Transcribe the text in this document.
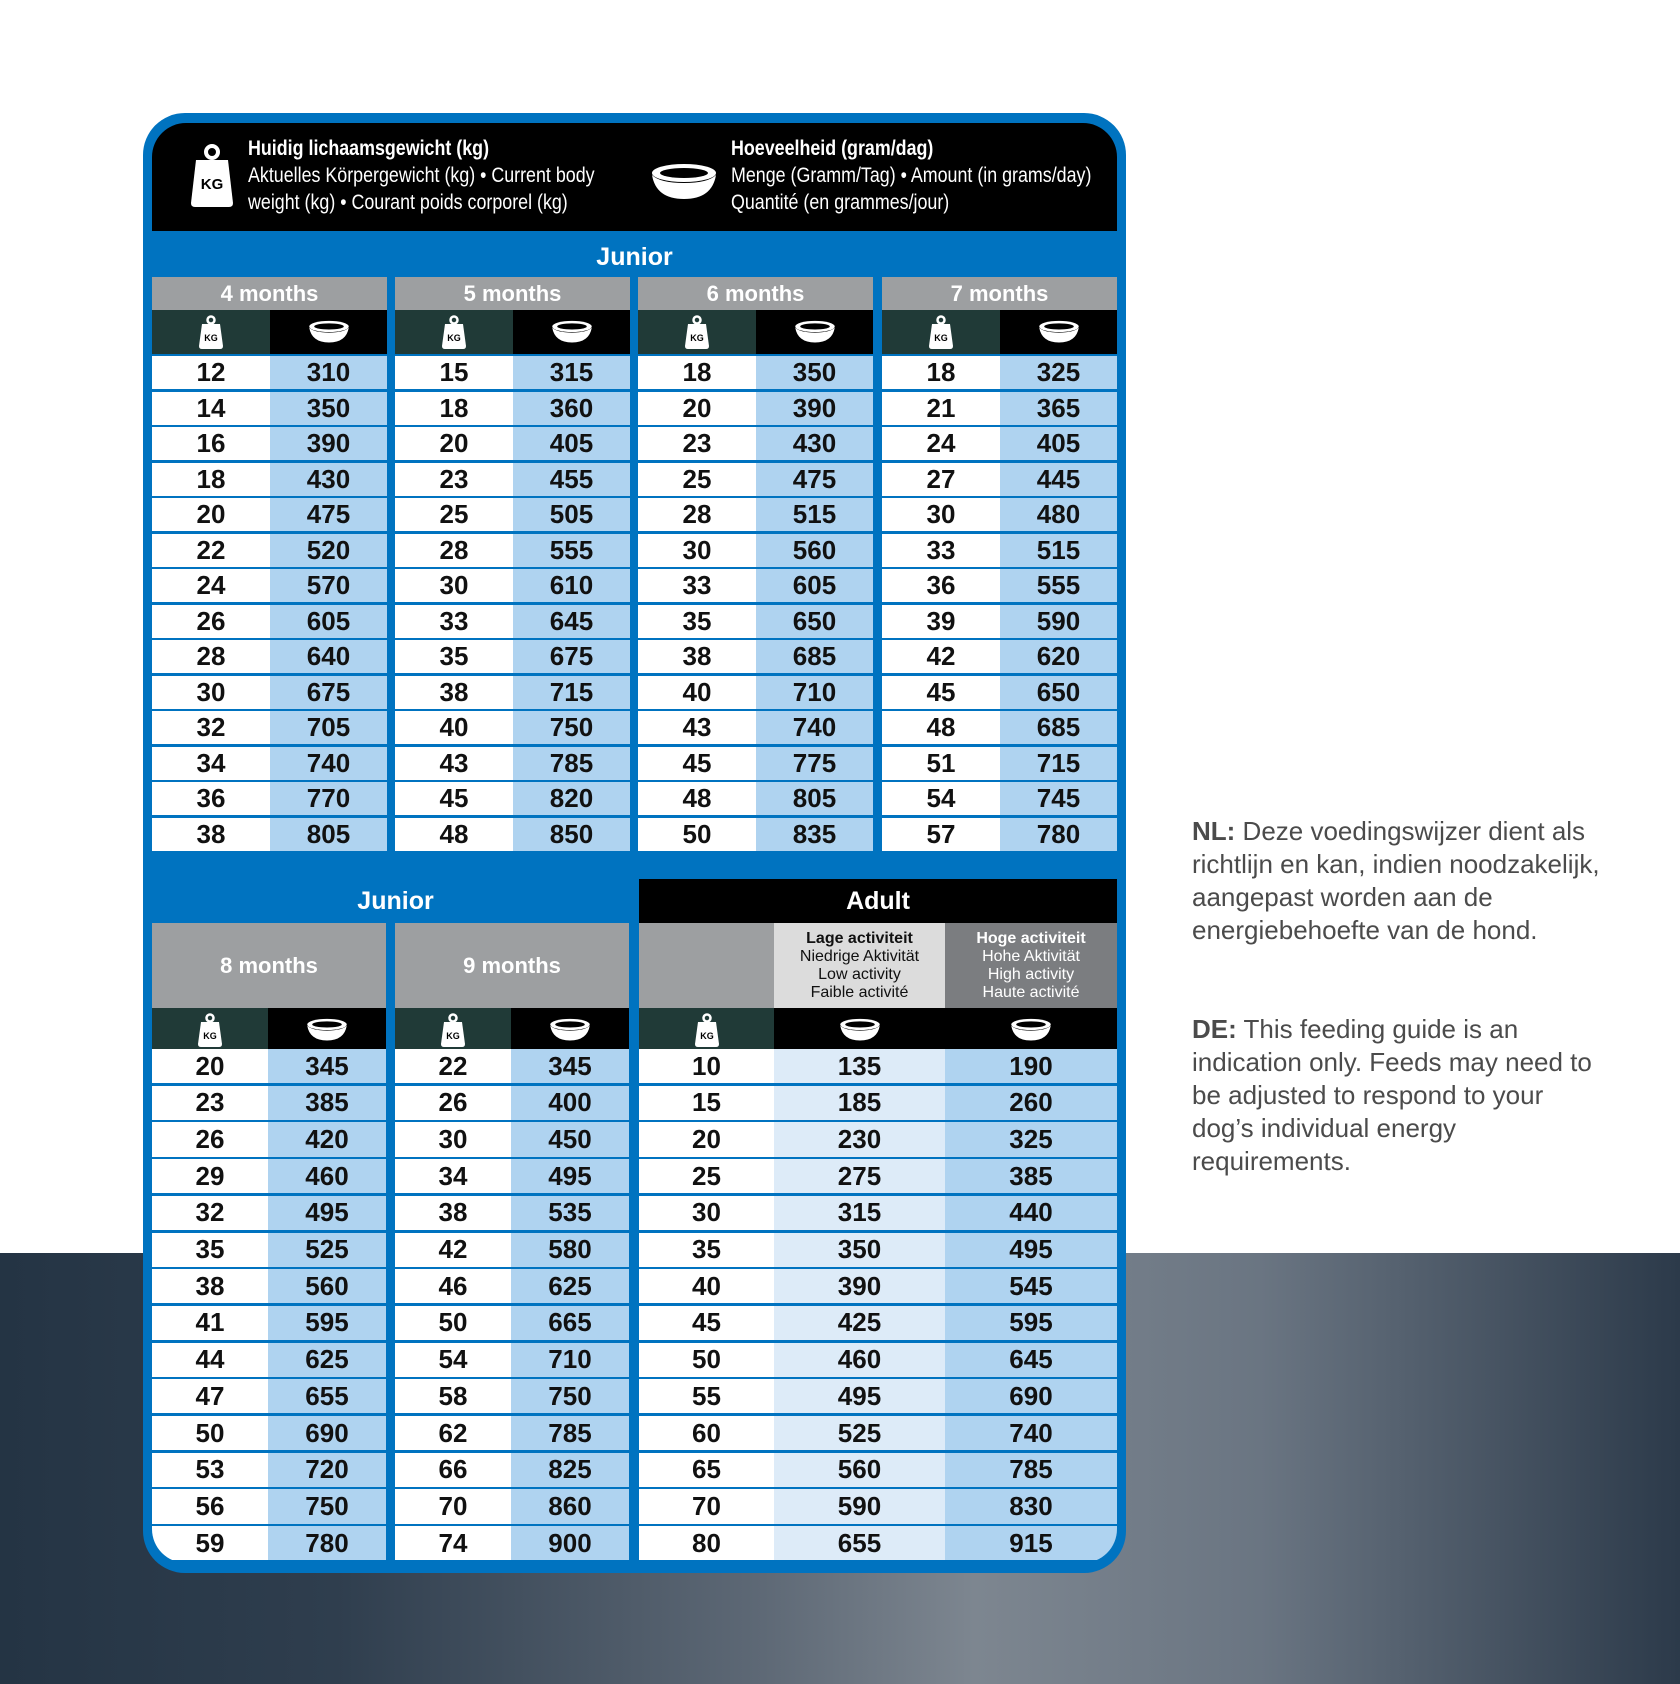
KG
Huidig lichaamsgewicht (kg)
Aktuelles Körpergewicht (kg) • Current body
weight (kg) • Courant poids corporel (kg)
Hoeveelheid (gram/dag)
Menge (Gramm/Tag) • Amount (in grams/day)
Quantité (en grammes/jour)
Junior
Junior	Adult
4 months
KG
12	310
14	350
16	390
18	430
20	475
22	520
24	570
26	605
28	640
30	675
32	705
34	740
36	770
38	805
5 months
KG
15	315
18	360
20	405
23	455
25	505
28	555
30	610
33	645
35	675
38	715
40	750
43	785
45	820
48	850
6 months
KG
18	350
20	390
23	430
25	475
28	515
30	560
33	605
35	650
38	685
40	710
43	740
45	775
48	805
50	835
7 months
KG
18	325
21	365
24	405
27	445
30	480
33	515
36	555
39	590
42	620
45	650
48	685
51	715
54	745
57	780
8 months
KG
20	345
23	385
26	420
29	460
32	495
35	525
38	560
41	595
44	625
47	655
50	690
53	720
56	750
59	780
9 months
KG
22	345
26	400
30	450
34	495
38	535
42	580
46	625
50	665
54	710
58	750
62	785
66	825
70	860
74	900
Lage activiteit
Niedrige Aktivität
Low activity
Faible activité
Hoge activiteit
Hohe Aktivität
High activity
Haute activité
KG
10	135	190
15	185	260
20	230	325
25	275	385
30	315	440
35	350	495
40	390	545
45	425	595
50	460	645
55	495	690
60	525	740
65	560	785
70	590	830
80	655	915
NL: Deze voedingswijzer dient als richtlijn en kan, indien noodzakelijk, aangepast worden aan de energiebehoefte van de hond.
DE: This feeding guide is an indication only. Feeds may need to be adjusted to respond to your dog’s individual energy requirements.
